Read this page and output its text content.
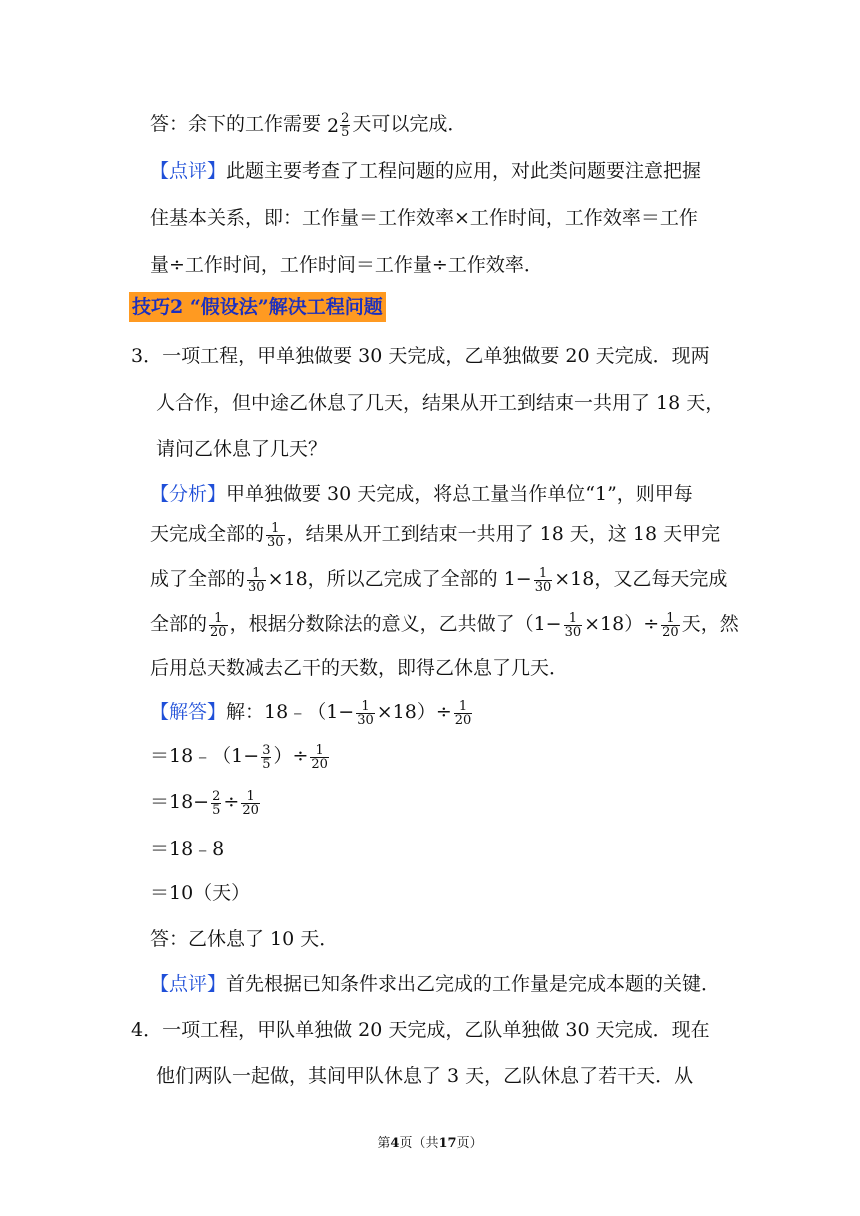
答：余下的工作需要 $2 \frac{2}{5}$ 天可以完成．
【点评】此题主要考查了工程问题的应用，对此类问题要注意把握
住基本关系，即：工作量＝工作效率×工作时间，工作效率＝工作
量÷工作时间，工作时间＝工作量÷工作效率．
技巧2 “假设法”解决工程问题
3．一项工程，甲单独做要 30 天完成，乙单独做要 20 天完成．现两
人合作，但中途乙休息了几天，结果从开工到结束一共用了 18 天，
请问乙休息了几天？
【分析】甲单独做要 30 天完成，将总工量当作单位“1”，则甲每
天完成全部的 $\frac{1}{30}$ ，结果从开工到结束一共用了 18 天，这 18 天甲完
成了全部的 $\frac{1}{30} \times 18$，所以乙完成了全部的 $1- \frac{1}{30} \times 18$，又乙每天完成
全部的 $\frac{1}{20}$ ，根据分数除法的意义，乙共做了$(1- \frac{1}{30} \times 18)\div \frac{1}{20}$ 天，然
后用总天数减去乙干的天数，即得乙休息了几天．
【解答】解：18﹣（1− $\frac{1}{30} \times 18)\div \frac{1}{20}$
＝18﹣（1− $\frac{3}{5}$ ）÷ $\frac{1}{20}$
$=18- \frac{2}{5} \div \frac{1}{20}$
＝18﹣8
＝10（天）
答：乙休息了 10 天．
【点评】首先根据已知条件求出乙完成的工作量是完成本题的关键．
4．一项工程，甲队单独做 20 天完成，乙队单独做 30 天完成．现在
他们两队一起做，其间甲队休息了 3 天，乙队休息了若干天．从
第4页（共17页）
